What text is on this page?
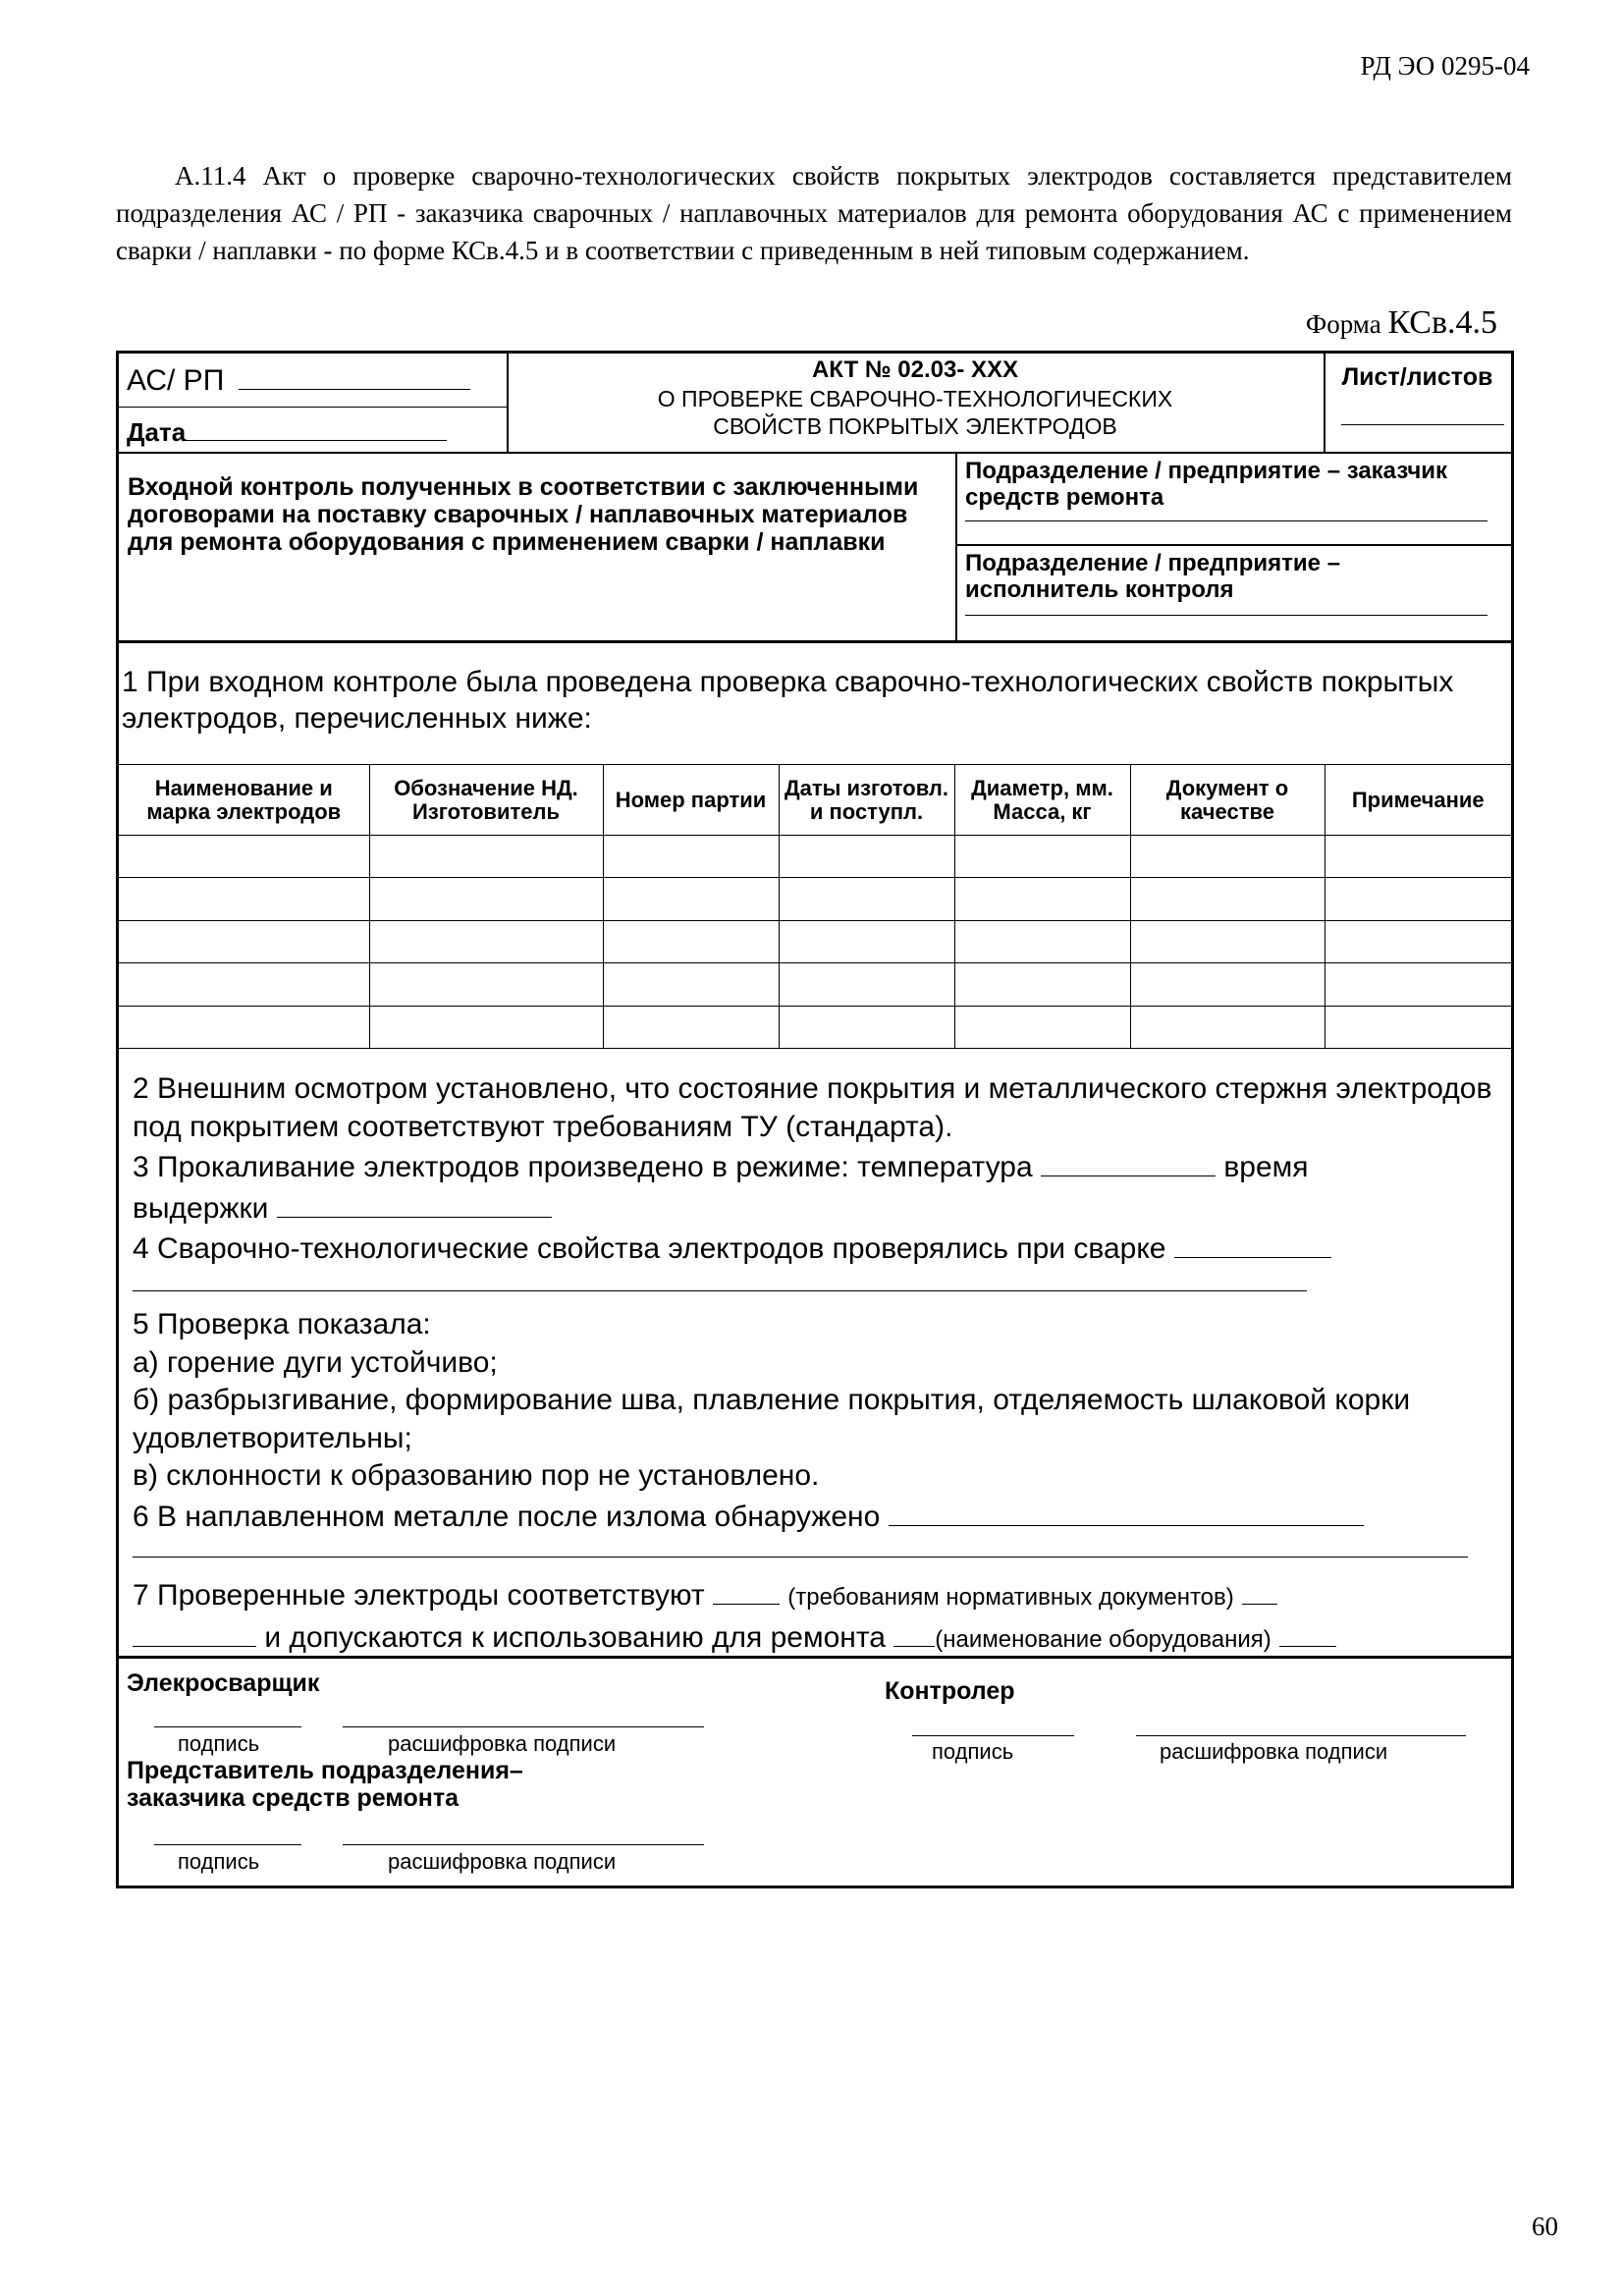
РД ЭО 0295-04
А.11.4 Акт о проверке сварочно-технологических свойств покрытых электродов составляется представителем подразделения АС / РП - заказчика сварочных / наплавочных материалов для ремонта оборудования АС с применением сварки / наплавки - по форме КСв.4.5 и в соответствии с приведенным в ней типовым содержанием.
Форма КСв.4.5
АС/ РП
Дата
АКТ № 02.03- XXX
О ПРОВЕРКЕ СВАРОЧНО-ТЕХНОЛОГИЧЕСКИХ
СВОЙСТВ ПОКРЫТЫХ ЭЛЕКТРОДОВ
Лист/листов
Входной контроль полученных в соответствии с заключенными договорами на поставку сварочных / наплавочных материалов для ремонта оборудования с применением сварки / наплавки
Подразделение / предприятие – заказчик средств ремонта
Подразделение / предприятие – исполнитель контроля
1 При входном контроле была проведена проверка сварочно-технологических свойств покрытых электродов, перечисленных ниже:
Наименование и марка электродов	Обозначение НД. Изготовитель	Номер партии	Даты изготовл. и поступл.	Диаметр, мм. Масса, кг	Документ о качестве	Примечание

2 Внешним осмотром установлено, что состояние покрытия и металлического стержня электродов под покрытием соответствуют требованиям ТУ (стандарта).
3 Прокаливание электродов произведено в режиме: температура	время
выдержки
4 Сварочно-технологические свойства электродов проверялись при сварке
5 Проверка показала:
а) горение дуги устойчиво;
б) разбрызгивание, формирование шва, плавление покрытия, отделяемость шлаковой корки удовлетворительны;
в) склонности к образованию пор не установлено.
6 В наплавленном металле после излома обнаружено
7 Проверенные электроды соответствуют	(требованиям нормативных документов)
и допускаются к использованию для ремонта (наименование оборудования)
Элекросварщик
подпись	расшифровка подписи
Контролер
подпись	расшифровка подписи
Представитель подразделения– заказчика средств ремонта
подпись	расшифровка подписи
60
